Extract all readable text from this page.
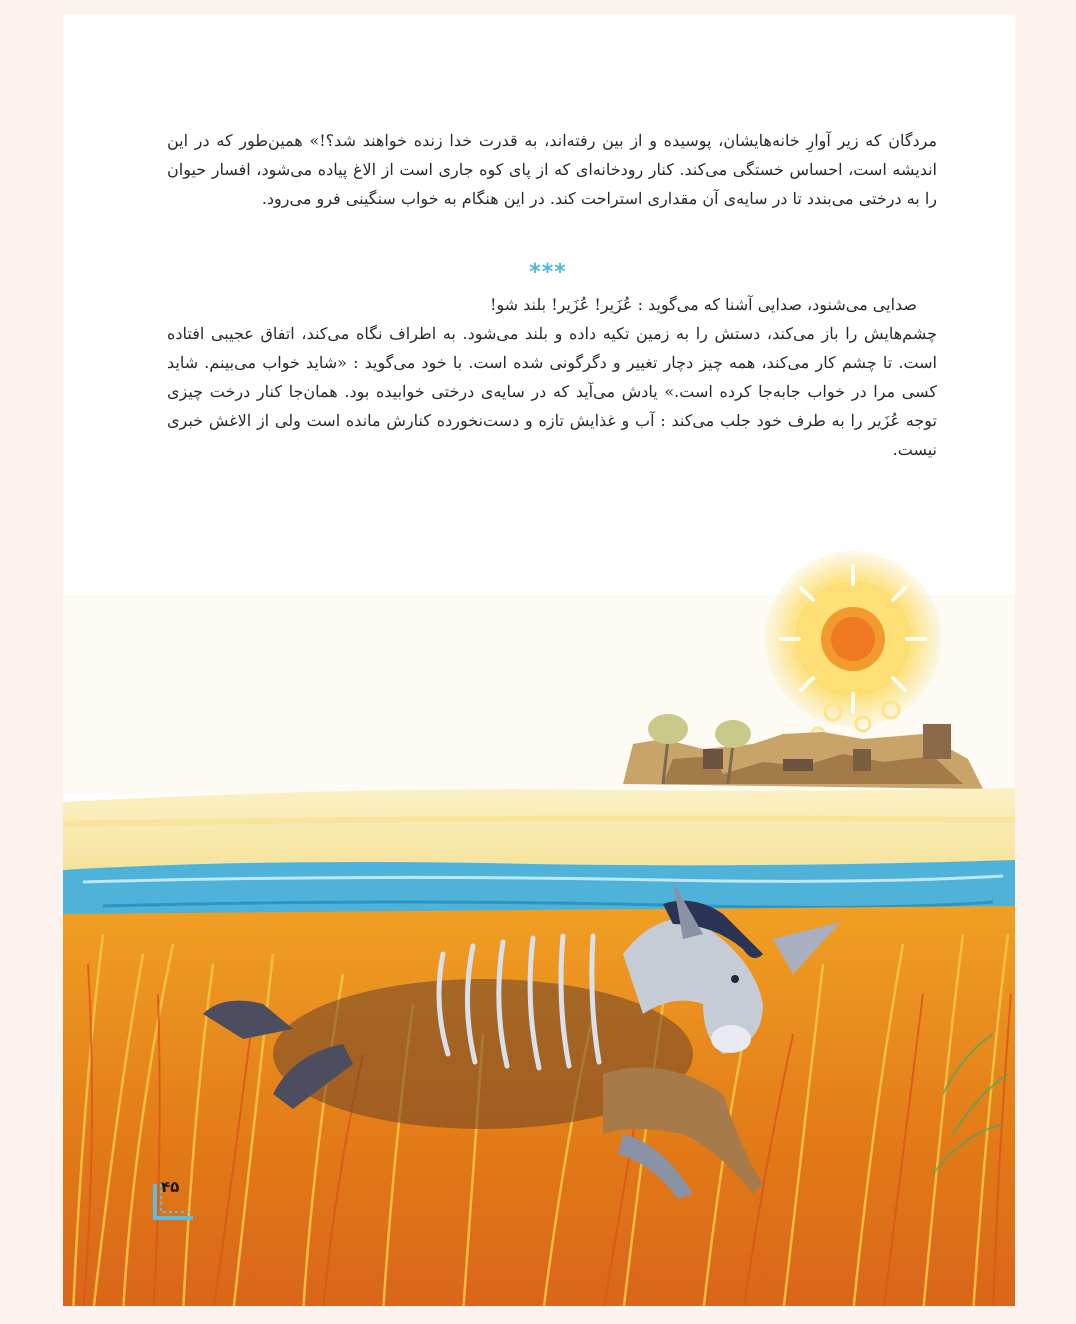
مردگان که زیر آوارِ خانه‌هایشان، پوسیده و از بین رفته‌اند، به قدرت خدا زنده خواهند شد؟!» همین‌طور که در این اندیشه است، احساس خستگی می‌کند. کنار رودخانه‌ای که از پای کوه جاری است از الاغ پیاده می‌شود، افسار حیوان را به درختی می‌بندد تا در سایه‌ی آن مقداری استراحت کند. در این هنگام به خواب سنگینی فرو می‌رود.

***

صدایی می‌شنود، صدایی آشنا که می‌گوید : عُزَیر! عُزَیر! بلند شو!

چشم‌هایش را باز می‌کند، دستش را به زمین تکیه داده و بلند می‌شود. به اطراف نگاه می‌کند، اتفاق عجیبی افتاده است. تا چشم کار می‌کند، همه چیز دچار تغییر و دگرگونی شده است. با خود می‌گوید : «شاید خواب می‌بینم. شاید کسی مرا در خواب جابه‌جا کرده است.» یادش می‌آید که در سایه‌ی درختی خوابیده بود. همان‌جا کنار درخت چیزی توجه عُزَیر را به طرف خود جلب می‌کند : آب و غذایش تازه و دست‌نخورده کنارش مانده است ولی از الاغش خبری نیست.

۴۵
